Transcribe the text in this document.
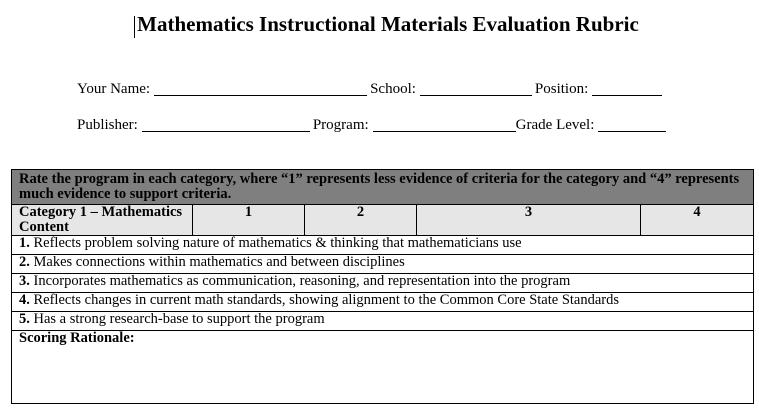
Mathematics Instructional Materials Evaluation Rubric
Your Name:	School:	Position:
Publisher:	Program:	Grade Level:
Rate the program in each category, where “1” represents less evidence of criteria for the category and “4” represents much evidence to support criteria.
Category 1 – Mathematics Content	1	2	3	4
1. Reflects problem solving nature of mathematics & thinking that mathematicians use
2. Makes connections within mathematics and between disciplines
3. Incorporates mathematics as communication, reasoning, and representation into the program
4. Reflects changes in current math standards, showing alignment to the Common Core State Standards
5. Has a strong research-base to support the program
Scoring Rationale:
